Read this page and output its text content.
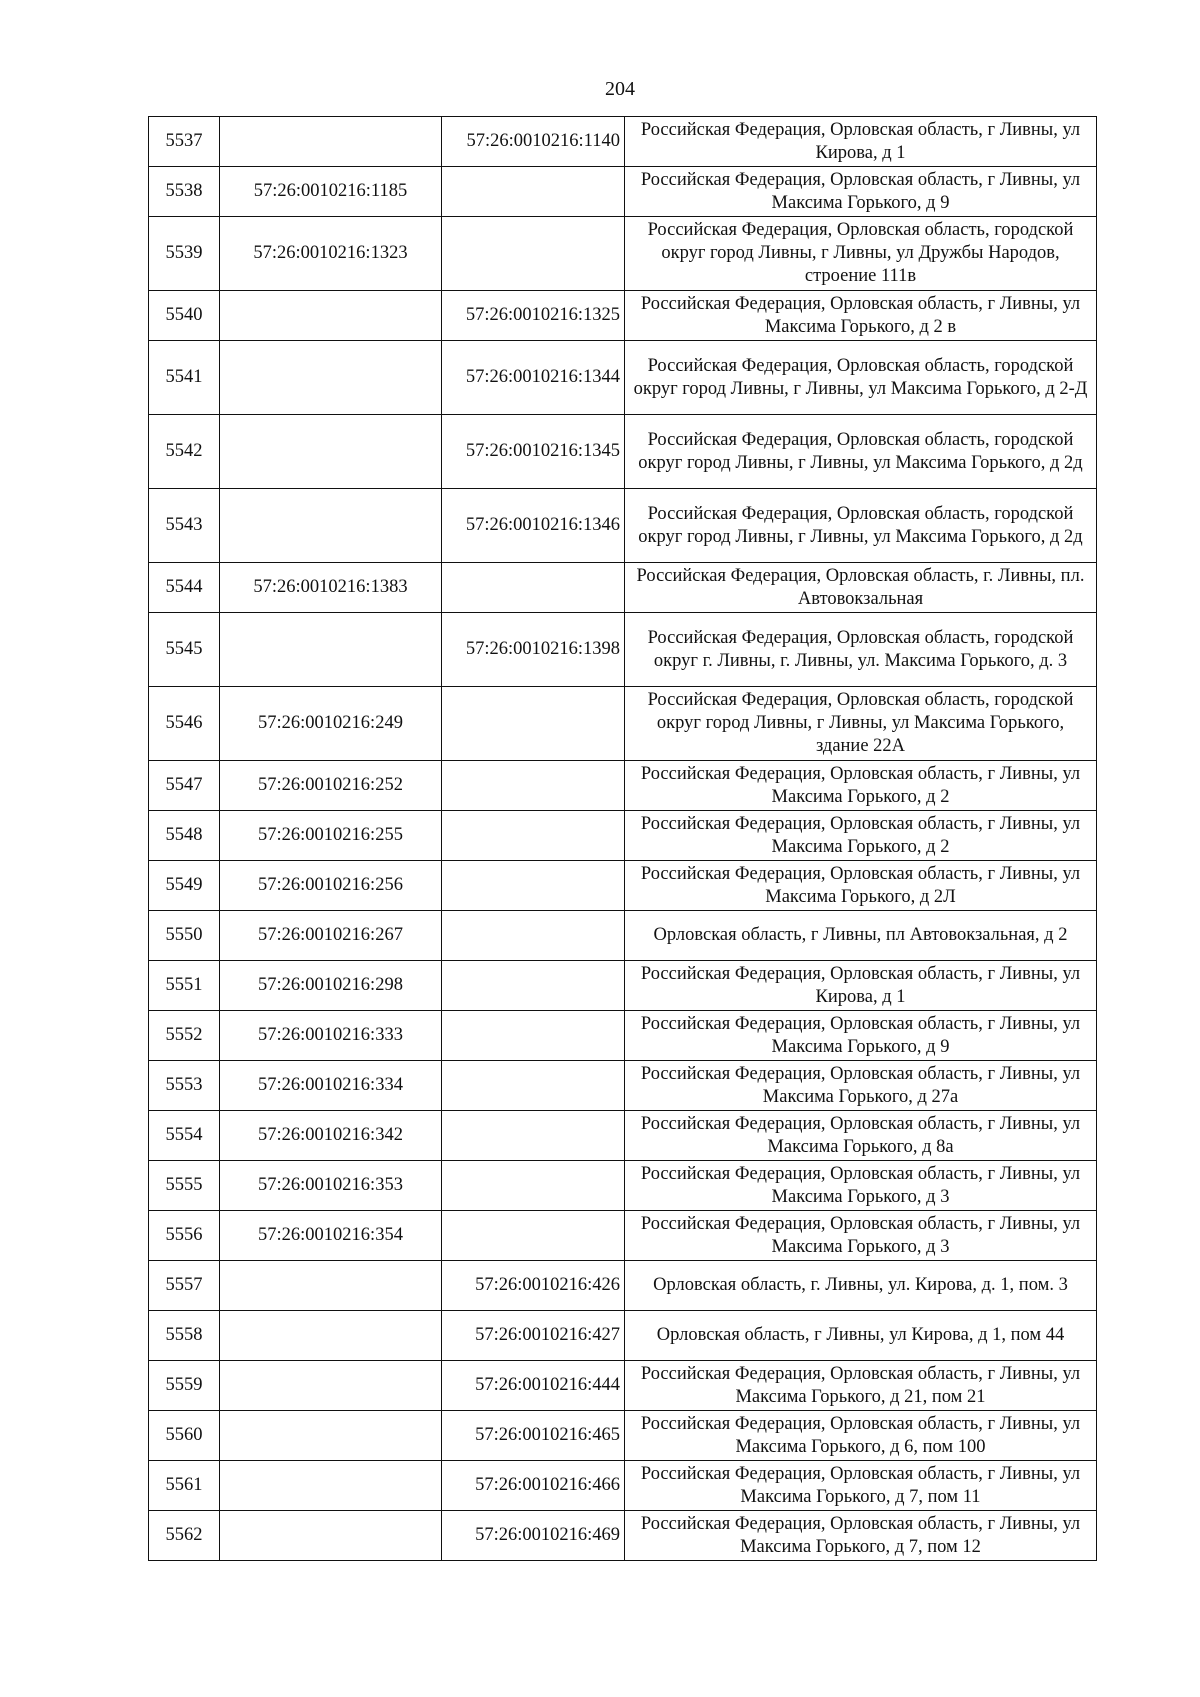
204
5537		57:26:0010216:1140	Российская Федерация, Орловская область, г Ливны, ул Кирова, д 1
5538	57:26:0010216:1185		Российская Федерация, Орловская область, г Ливны, ул Максима Горького, д 9
5539	57:26:0010216:1323		Российская Федерация, Орловская область, городской округ город Ливны, г Ливны, ул Дружбы Народов, строение 111в
5540		57:26:0010216:1325	Российская Федерация, Орловская область, г Ливны, ул Максима Горького, д 2 в
5541		57:26:0010216:1344	Российская Федерация, Орловская область, городской округ город Ливны, г Ливны, ул Максима Горького, д 2-Д
5542		57:26:0010216:1345	Российская Федерация, Орловская область, городской округ город Ливны, г Ливны, ул Максима Горького, д 2д
5543		57:26:0010216:1346	Российская Федерация, Орловская область, городской округ город Ливны, г Ливны, ул Максима Горького, д 2д
5544	57:26:0010216:1383		Российская Федерация, Орловская область, г. Ливны, пл. Автовокзальная
5545		57:26:0010216:1398	Российская Федерация, Орловская область, городской округ г. Ливны, г. Ливны, ул. Максима Горького, д. 3
5546	57:26:0010216:249		Российская Федерация, Орловская область, городской округ город Ливны, г Ливны, ул Максима Горького, здание 22А
5547	57:26:0010216:252		Российская Федерация, Орловская область, г Ливны, ул Максима Горького, д 2
5548	57:26:0010216:255		Российская Федерация, Орловская область, г Ливны, ул Максима Горького, д 2
5549	57:26:0010216:256		Российская Федерация, Орловская область, г Ливны, ул Максима Горького, д 2Л
5550	57:26:0010216:267		Орловская область, г Ливны, пл Автовокзальная, д 2
5551	57:26:0010216:298		Российская Федерация, Орловская область, г Ливны, ул Кирова, д 1
5552	57:26:0010216:333		Российская Федерация, Орловская область, г Ливны, ул Максима Горького, д 9
5553	57:26:0010216:334		Российская Федерация, Орловская область, г Ливны, ул Максима Горького, д 27а
5554	57:26:0010216:342		Российская Федерация, Орловская область, г Ливны, ул Максима Горького, д 8а
5555	57:26:0010216:353		Российская Федерация, Орловская область, г Ливны, ул Максима Горького, д 3
5556	57:26:0010216:354		Российская Федерация, Орловская область, г Ливны, ул Максима Горького, д 3
5557		57:26:0010216:426	Орловская область, г. Ливны, ул. Кирова, д. 1, пом. 3
5558		57:26:0010216:427	Орловская область, г Ливны, ул Кирова, д 1, пом 44
5559		57:26:0010216:444	Российская Федерация, Орловская область, г Ливны, ул Максима Горького, д 21, пом 21
5560		57:26:0010216:465	Российская Федерация, Орловская область, г Ливны, ул Максима Горького, д 6, пом 100
5561		57:26:0010216:466	Российская Федерация, Орловская область, г Ливны, ул Максима Горького, д 7, пом 11
5562		57:26:0010216:469	Российская Федерация, Орловская область, г Ливны, ул Максима Горького, д 7, пом 12
